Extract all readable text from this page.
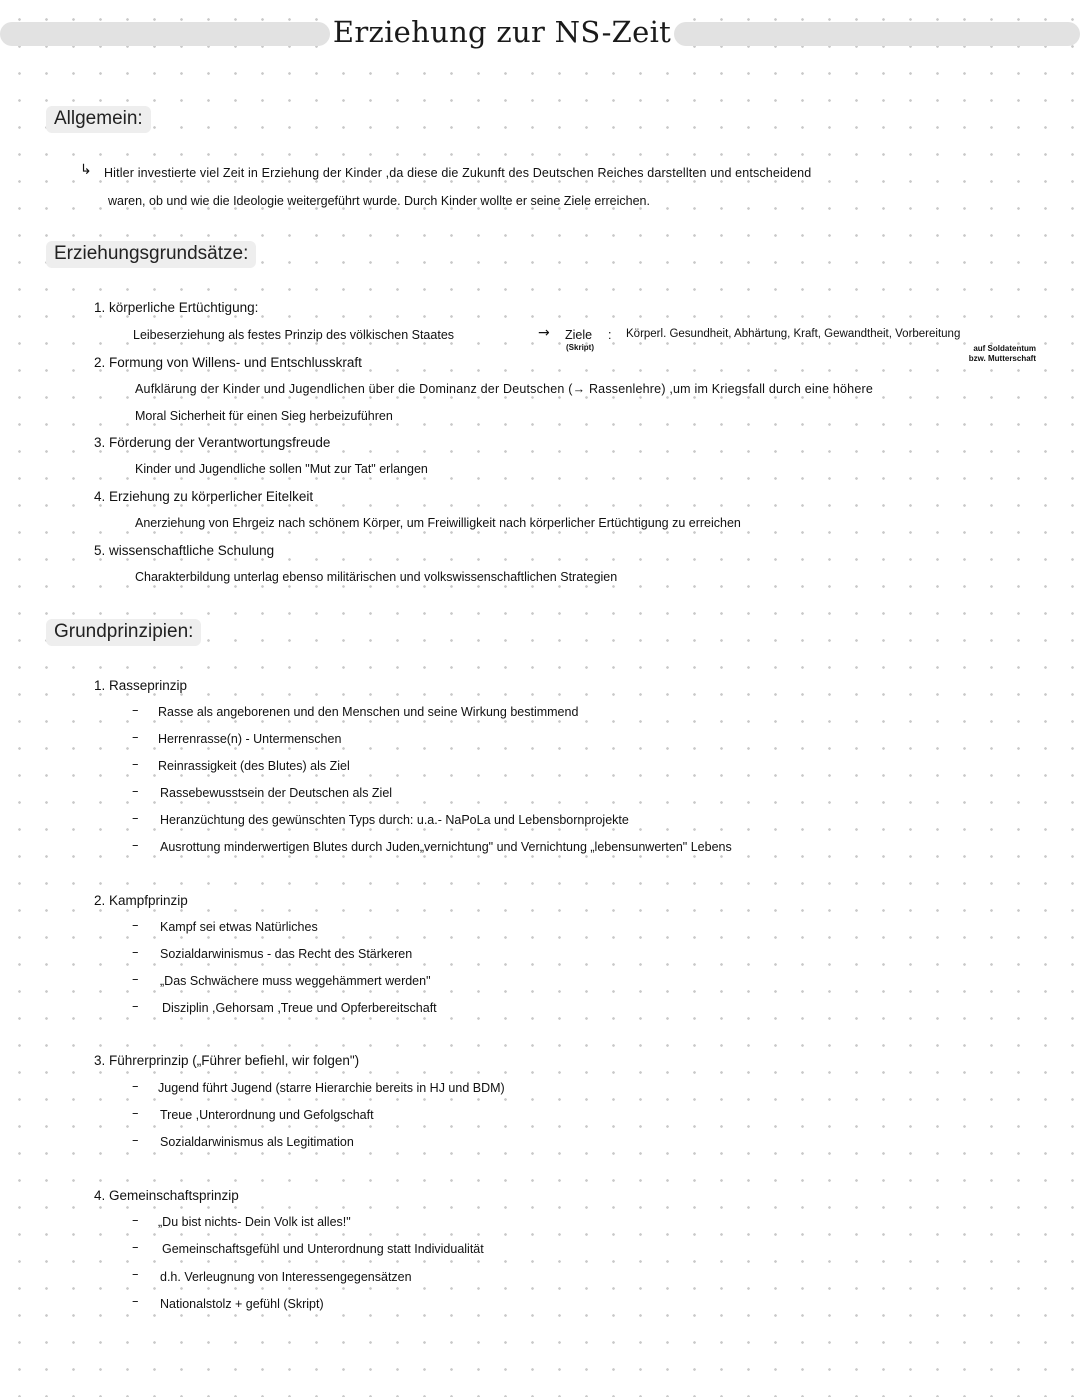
Erziehung zur NS-Zeit
Allgemein:
↳ Hitler investierte viel Zeit in Erziehung der Kinder ,da diese die Zukunft des Deutschen Reiches darstellten und entscheidend
waren, ob und wie die Ideologie weitergeführt wurde. Durch Kinder wollte er seine Ziele erreichen.
Erziehungsgrundsätze:
1. körperliche Ertüchtigung:
Leibeserziehung als festes Prinzip des völkischen Staates	→ Ziele
(Skript)
: Körperl. Gesundheit, Abhärtung, Kraft, Gewandtheit, Vorbereitung
auf Soldatentum
bzw. Mutterschaft
2. Formung von Willens- und Entschlusskraft
Aufklärung der Kinder und Jugendlichen über die Dominanz der Deutschen (→ Rassenlehre) ,um im Kriegsfall durch eine höhere
Moral Sicherheit für einen Sieg herbeizuführen
3. Förderung der Verantwortungsfreude
Kinder und Jugendliche sollen "Mut zur Tat" erlangen
4. Erziehung zu körperlicher Eitelkeit
Anerziehung von Ehrgeiz nach schönem Körper, um Freiwilligkeit nach körperlicher Ertüchtigung zu erreichen
5. wissenschaftliche Schulung
Charakterbildung unterlag ebenso militärischen und volkswissenschaftlichen Strategien
Grundprinzipien:
1. Rasseprinzip
– Rasse als angeborenen und den Menschen und seine Wirkung bestimmend
– Herrenrasse(n) - Untermenschen
– Reinrassigkeit (des Blutes) als Ziel
– Rassebewusstsein der Deutschen als Ziel
– Heranzüchtung des gewünschten Typs durch: u.a.- NaPoLa und Lebensbornprojekte
– Ausrottung minderwertigen Blutes durch Juden„vernichtung" und Vernichtung „lebensunwerten" Lebens
2. Kampfprinzip
– Kampf sei etwas Natürliches
– Sozialdarwinismus - das Recht des Stärkeren
– „Das Schwächere muss weggehämmert werden"
– Disziplin ,Gehorsam ,Treue und Opferbereitschaft
3. Führerprinzip („Führer befiehl, wir folgen")
– Jugend führt Jugend (starre Hierarchie bereits in HJ und BDM)
– Treue ,Unterordnung und Gefolgschaft
– Sozialdarwinismus als Legitimation
4. Gemeinschaftsprinzip
– „Du bist nichts- Dein Volk ist alles!"
– Gemeinschaftsgefühl und Unterordnung statt Individualität
– d.h. Verleugnung von Interessengegensätzen
– Nationalstolz + gefühl (Skript)
